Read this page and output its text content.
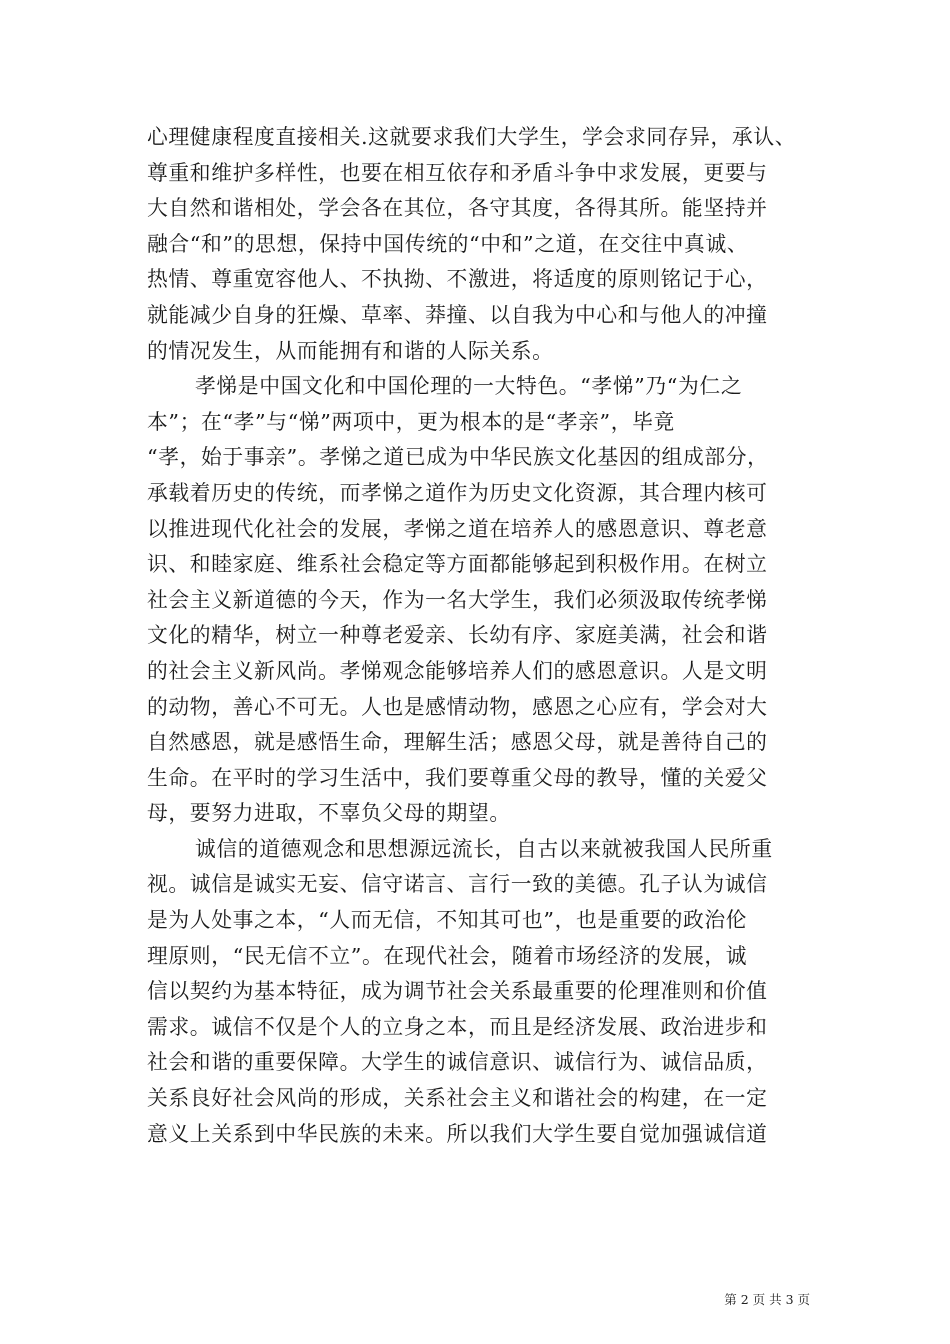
心理健康程度直接相关.这就要求我们大学生，学会求同存异，承认、
尊重和维护多样性，也要在相互依存和矛盾斗争中求发展，更要与
大自然和谐相处，学会各在其位，各守其度，各得其所。能坚持并
融合“和”的思想，保持中国传统的“中和”之道，在交往中真诚、
热情、尊重宽容他人、不执拗、不激进，将适度的原则铭记于心，
就能减少自身的狂燥、草率、莽撞、以自我为中心和与他人的冲撞
的情况发生，从而能拥有和谐的人际关系。
孝悌是中国文化和中国伦理的一大特色。“孝悌”乃“为仁之
本”；在“孝”与“悌”两项中，更为根本的是“孝亲”，毕竟
“孝，始于事亲”。孝悌之道已成为中华民族文化基因的组成部分，
承载着历史的传统，而孝悌之道作为历史文化资源，其合理内核可
以推进现代化社会的发展，孝悌之道在培养人的感恩意识、尊老意
识、和睦家庭、维系社会稳定等方面都能够起到积极作用。在树立
社会主义新道德的今天，作为一名大学生，我们必须汲取传统孝悌
文化的精华，树立一种尊老爱亲、长幼有序、家庭美满，社会和谐
的社会主义新风尚。孝悌观念能够培养人们的感恩意识。人是文明
的动物，善心不可无。人也是感情动物，感恩之心应有，学会对大
自然感恩，就是感悟生命，理解生活；感恩父母，就是善待自己的
生命。在平时的学习生活中，我们要尊重父母的教导，懂的关爱父
母，要努力进取，不辜负父母的期望。
诚信的道德观念和思想源远流长，自古以来就被我国人民所重
视。诚信是诚实无妄、信守诺言、言行一致的美德。孔子认为诚信
是为人处事之本，“人而无信，不知其可也”，也是重要的政治伦
理原则，“民无信不立”。在现代社会，随着市场经济的发展，诚
信以契约为基本特征，成为调节社会关系最重要的伦理准则和价值
需求。诚信不仅是个人的立身之本，而且是经济发展、政治进步和
社会和谐的重要保障。大学生的诚信意识、诚信行为、诚信品质，
关系良好社会风尚的形成，关系社会主义和谐社会的构建，在一定
意义上关系到中华民族的未来。所以我们大学生要自觉加强诚信道
第 2 页 共 3 页
